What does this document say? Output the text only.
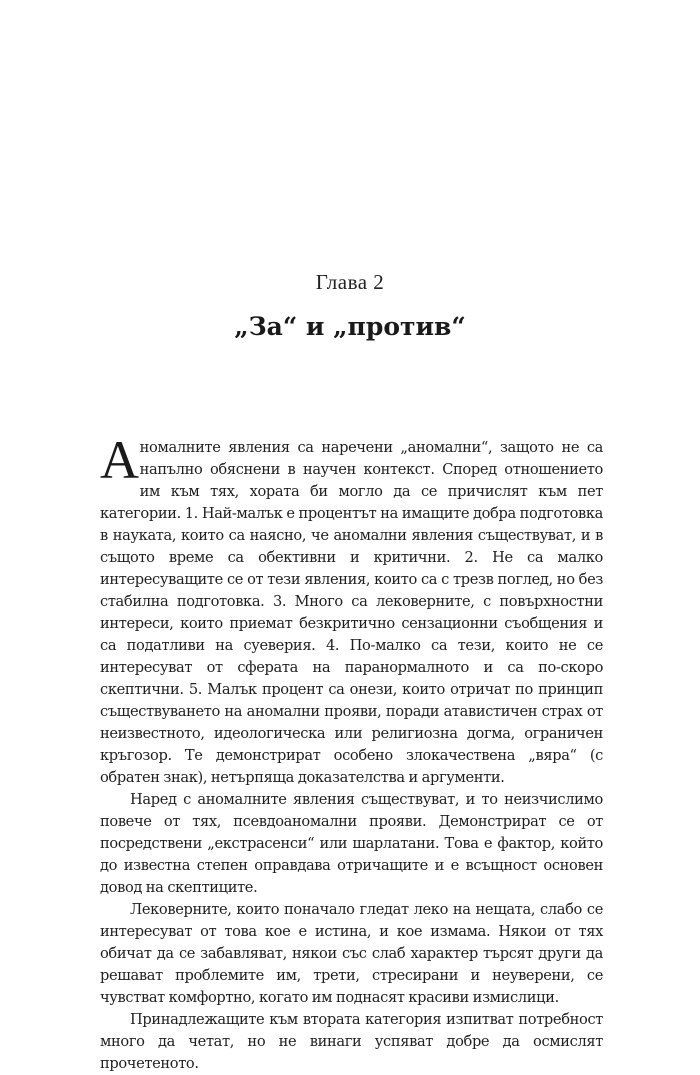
Глава 2
„За“ и „против“

Аномалните явления са наречени „аномални“, защото не са напълно обяснени в научен контекст. Според отношението им към тях, хората би могло да се причислят към пет категории. 1. Най-малък е процентът на имащите добра подготовка в науката, които са наясно, че аномални явления съществуват, и в същото време са обективни и критични. 2. Не са малко интересуващите се от тези явления, които са с трезв поглед, но без стабилна подготовка. 3. Много са лековерните, с повърхностни интереси, които приемат безкритично сензационни съобщения и са податливи на суеверия. 4. По-малко са тези, които не се интересуват от сферата на паранормалното и са по-скоро скептични. 5. Малък процент са онези, които отричат по принцип съществуването на аномални прояви, поради атавистичен страх от неизвестното, идеологическа или религиозна догма, ограничен кръгозор. Те демонстрират особено злокачествена „вяра“ (с обратен знак), нетърпяща доказателства и аргументи.

Наред с аномалните явления съществуват, и то неизчислимо повече от тях, псевдоаномални прояви. Демонстрират се от посредствени „екстрасенси“ или шарлатани. Това е фактор, който до известна степен оправдава отричащите и е всъщност основен довод на скептиците.

Лековерните, които поначало гледат леко на нещата, слабо се интересуват от това кое е истина, и кое измама. Някои от тях обичат да се забавляват, някои със слаб характер търсят други да решават проблемите им, трети, стресирани и неуверени, се чувстват комфортно, когато им поднасят красиви измислици.

Принадлежащите към втората категория изпитват потребност много да четат, но не винаги успяват добре да осмислят прочетеното.
